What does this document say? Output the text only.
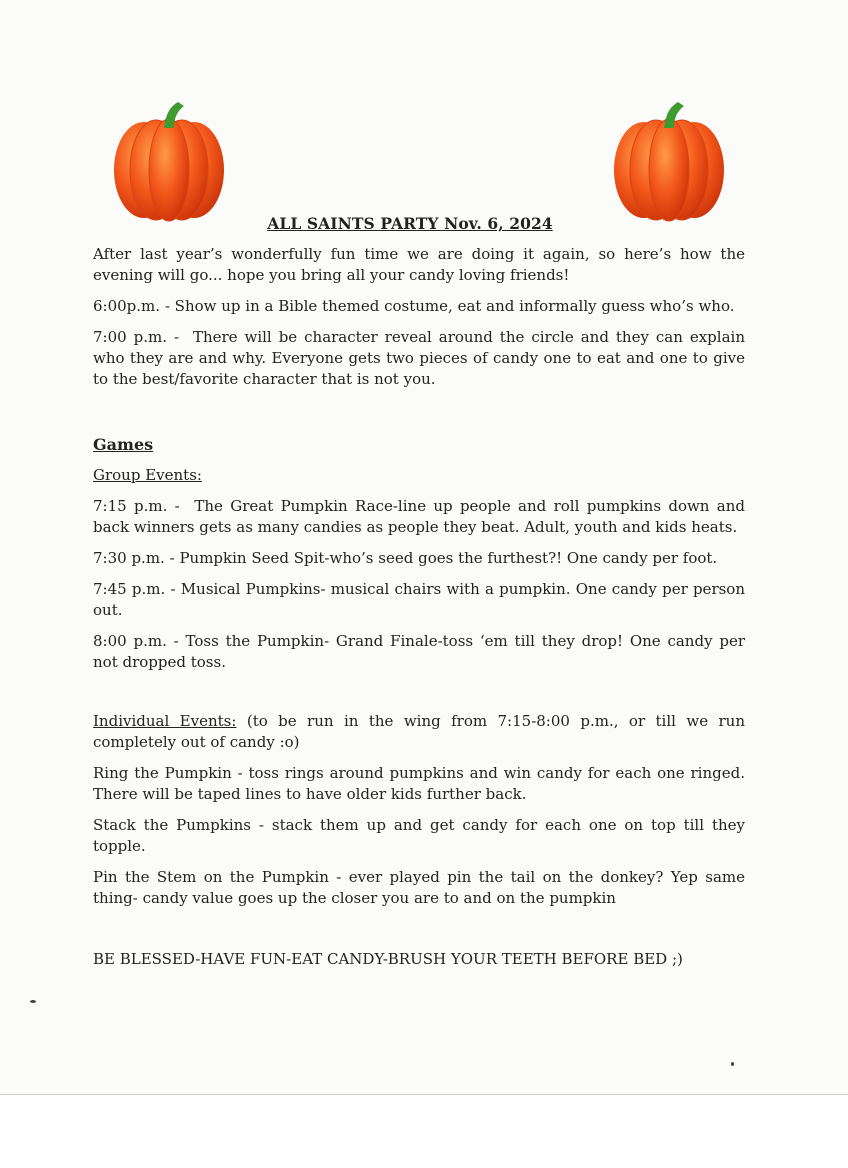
ALL SAINTS PARTY Nov. 6, 2024

After last year’s wonderfully fun time we are doing it again, so here’s how the evening will go... hope you bring all your candy loving friends!

6:00p.m. - Show up in a Bible themed costume, eat and informally guess who’s who.

7:00 p.m. - There will be character reveal around the circle and they can explain who they are and why. Everyone gets two pieces of candy one to eat and one to give to the best/favorite character that is not you.

Games

Group Events:

7:15 p.m. - The Great Pumpkin Race-line up people and roll pumpkins down and back winners gets as many candies as people they beat. Adult, youth and kids heats.

7:30 p.m. - Pumpkin Seed Spit-who’s seed goes the furthest?! One candy per foot.

7:45 p.m. - Musical Pumpkins- musical chairs with a pumpkin. One candy per person out.

8:00 p.m. - Toss the Pumpkin- Grand Finale-toss ‘em till they drop! One candy per not dropped toss.

Individual Events: (to be run in the wing from 7:15-8:00 p.m., or till we run completely out of candy :o)

Ring the Pumpkin - toss rings around pumpkins and win candy for each one ringed. There will be taped lines to have older kids further back.

Stack the Pumpkins - stack them up and get candy for each one on top till they topple.

Pin the Stem on the Pumpkin - ever played pin the tail on the donkey? Yep same thing- candy value goes up the closer you are to and on the pumpkin

BE BLESSED-HAVE FUN-EAT CANDY-BRUSH YOUR TEETH BEFORE BED ;)
